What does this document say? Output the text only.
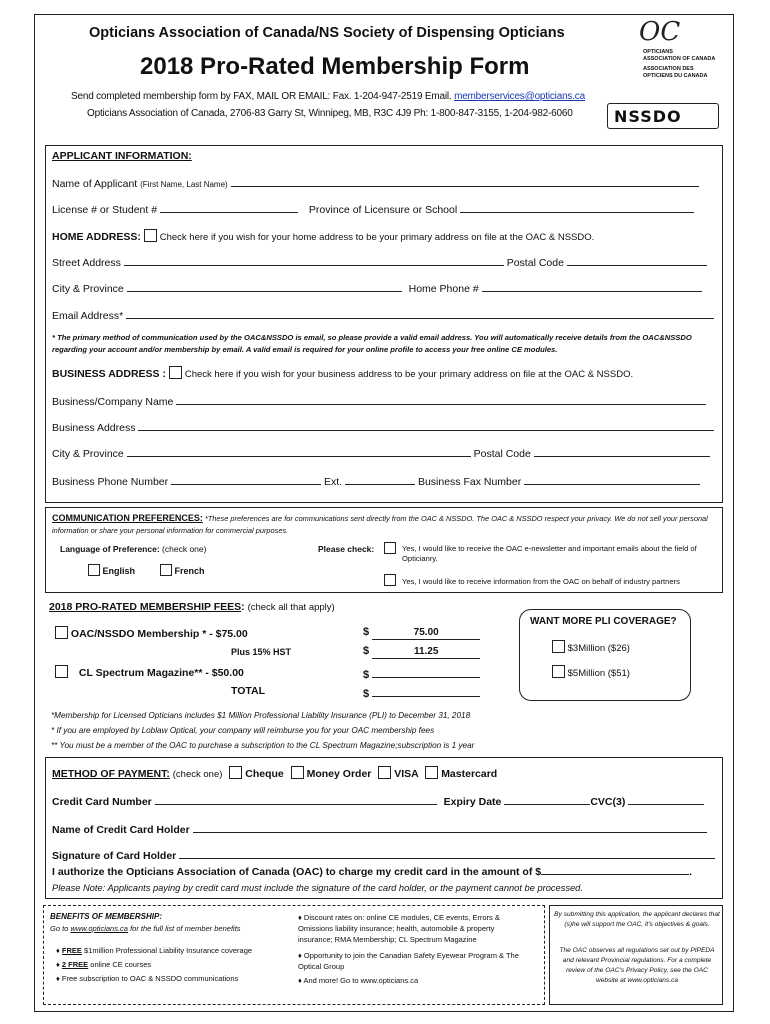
Opticians Association of Canada/NS Society of Dispensing Opticians
2018 Pro-Rated Membership Form
Send completed membership form by FAX, MAIL OR EMAIL: Fax. 1-204-947-2519 Email. memberservices@opticians.ca
Opticians Association of Canada, 2706-83 Garry St, Winnipeg, MB, R3C 4J9 Ph: 1-800-847-3155, 1-204-982-6060
OC
OPTICIANS
ASSOCIATION OF CANADA
ASSOCIATION DES
OPTICIENS DU CANADA
NSSDO
APPLICANT INFORMATION:
Name of Applicant (First Name, Last Name)
License # or Student #	Province of Licensure or School
HOME ADDRESS: Check here if you wish for your home address to be your primary address on file at the OAC & NSSDO.
Street Address	Postal Code
City & Province	Home Phone #
Email Address*
* The primary method of communication used by the OAC&NSSDO is email, so please provide a valid email address. You will automatically receive details from the OAC&NSSDO regarding your account and/or membership by email. A valid email is required for your online profile to access your free online CE modules.
BUSINESS ADDRESS : Check here if you wish for your business address to be your primary address on file at the OAC & NSSDO.
Business/Company Name
Business Address
City & Province	Postal Code
Business Phone Number	Ext.	Business Fax Number
COMMUNICATION PREFERENCES: *These preferences are for communications sent directly from the OAC & NSSDO. The OAC & NSSDO respect your privacy. We do not sell your personal information or share your personal information for commercial purposes.
Language of Preference: (check one)
English	French
Please check:	Yes, I would like to receive the OAC e-newsletter and important emails about the field of Opticianry.
Yes, I would like to receive information from the OAC on behalf of industry partners
2018 PRO-RATED MEMBERSHIP FEES: (check all that apply)
OAC/NSSDO Membership * - $75.00	$	75.00
Plus 15% HST	$	11.25
CL Spectrum Magazine** - $50.00	$
TOTAL	$
WANT MORE PLI COVERAGE?
$3Million ($26)
$5Million ($51)
*Membership for Licensed Opticians includes $1 Million Professional Liability Insurance (PLI) to December 31, 2018
* If you are employed by Loblaw Optical, your company will reimburse you for your OAC membership fees
** You must be a member of the OAC to purchase a subscription to the CL Spectrum Magazine;subscription is 1 year
METHOD OF PAYMENT: (check one) Cheque Money Order VISA Mastercard
Credit Card Number	Expiry Date	CVC(3)
Name of Credit Card Holder
Signature of Card Holder
I authorize the Opticians Association of Canada (OAC) to charge my credit card in the amount of $	.
Please Note: Applicants paying by credit card must include the signature of the card holder, or the payment cannot be processed.
BENEFITS OF MEMBERSHIP:
Go to www.opticians.ca for the full list of member benefits
♦ FREE $1million Professional Liability Insurance coverage
♦ 2 FREE online CE courses
♦ Free subscription to OAC & NSSDO communications
♦ Discount rates on: online CE modules, CE events, Errors & Omissions liability insurance; health, automobile & property insurance; RMA Membership; CL Spectrum Magazine
♦ Opportunity to join the Canadian Safety Eyewear Program & The Optical Group
♦ And more! Go to www.opticians.ca
By submitting this application, the applicant declares that (s)he will support the OAC, it's objectives & goals.
The OAC observes all regulations set out by PIPEDA and relevant Provincial regulations. For a complete review of the OAC's Privacy Policy, see the OAC website at www.opticians.ca
